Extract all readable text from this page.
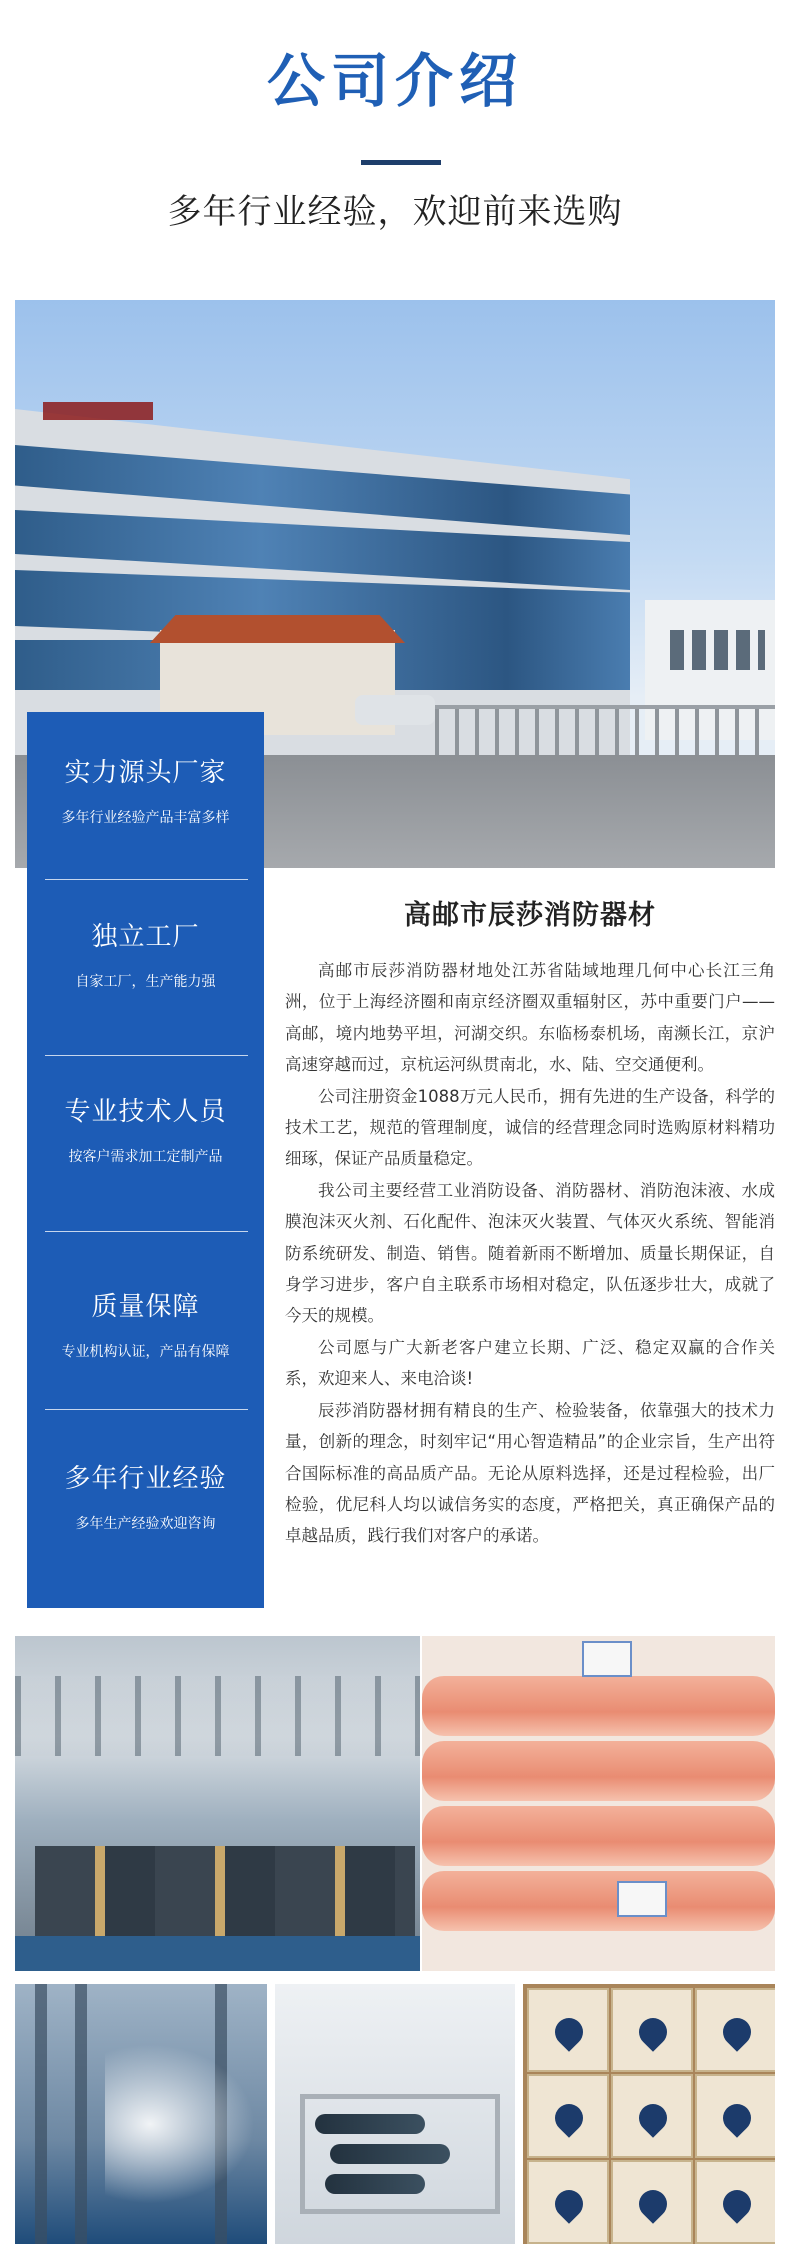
公司介绍
多年行业经验，欢迎前来选购
实力源头厂家
多年行业经验产品丰富多样
独立工厂
自家工厂，生产能力强
专业技术人员
按客户需求加工定制产品
质量保障
专业机构认证，产品有保障
多年行业经验
多年生产经验欢迎咨询
高邮市辰莎消防器材

高邮市辰莎消防器材地处江苏省陆域地理几何中心长江三角洲，位于上海经济圈和南京经济圈双重辐射区，苏中重要门户——高邮，境内地势平坦，河湖交织。东临杨泰机场，南濒长江，京沪高速穿越而过，京杭运河纵贯南北，水、陆、空交通便利。

公司注册资金1088万元人民币，拥有先进的生产设备，科学的技术工艺，规范的管理制度，诚信的经营理念同时选购原材料精功细琢，保证产品质量稳定。

我公司主要经营工业消防设备、消防器材、消防泡沫液、水成膜泡沫灭火剂、石化配件、泡沫灭火装置、气体灭火系统、智能消防系统研发、制造、销售。随着新雨不断增加、质量长期保证，自身学习进步，客户自主联系市场相对稳定，队伍逐步壮大，成就了今天的规模。

公司愿与广大新老客户建立长期、广泛、稳定双赢的合作关系，欢迎来人、来电洽谈!

辰莎消防器材拥有精良的生产、检验装备，依靠强大的技术力量，创新的理念，时刻牢记“用心智造精品”的企业宗旨，生产出符合国际标准的高品质产品。无论从原料选择，还是过程检验，出厂检验，优尼科人均以诚信务实的态度，严格把关，真正确保产品的卓越品质，践行我们对客户的承诺。
